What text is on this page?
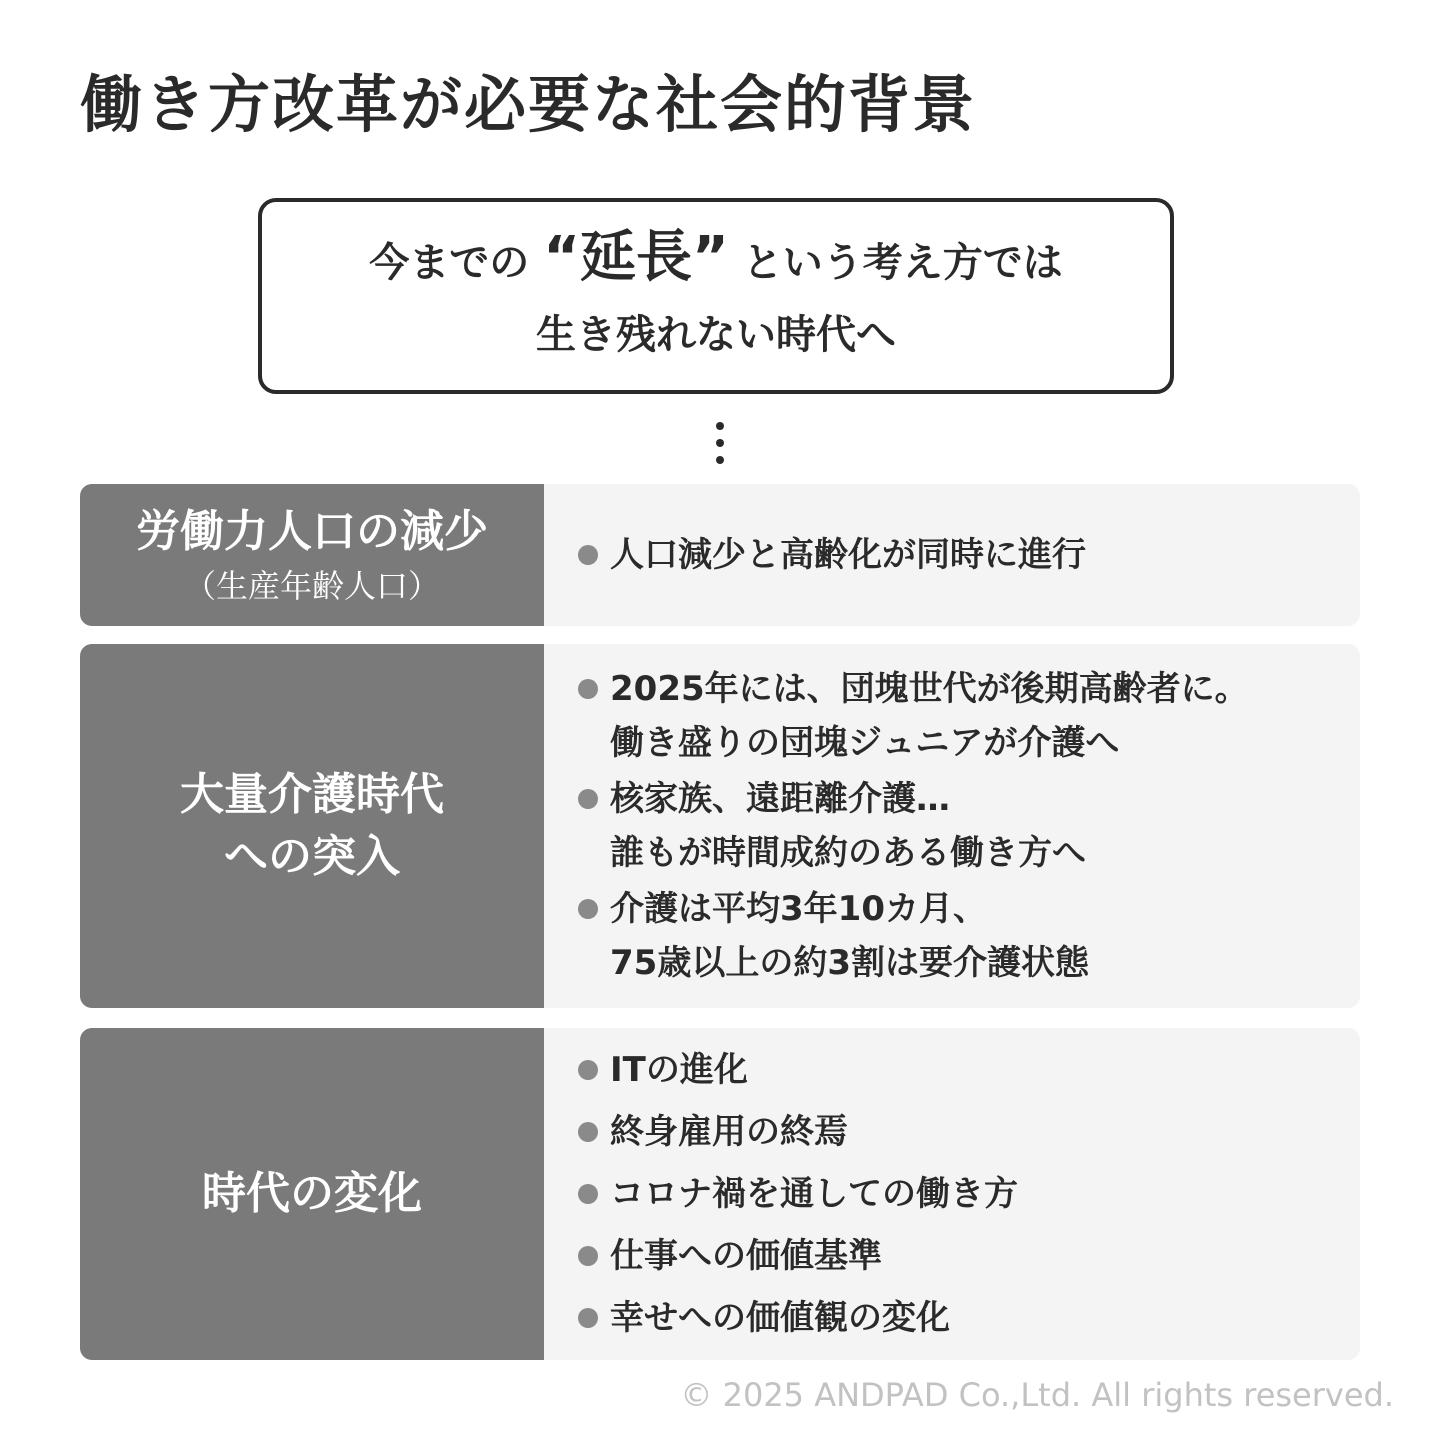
働き方改革が必要な社会的背景
今までの “延長” という考え方では
生き残れない時代へ
労働力人口の減少
（生産年齢人口）
人口減少と高齢化が同時に進行
大量介護時代
への突入
2025年には、団塊世代が後期高齢者に。
働き盛りの団塊ジュニアが介護へ
核家族、遠距離介護…
誰もが時間成約のある働き方へ
介護は平均3年10カ月、
75歳以上の約3割は要介護状態
時代の変化
ITの進化
終身雇用の終焉
コロナ禍を通しての働き方
仕事への価値基準
幸せへの価値観の変化
© 2025 ANDPAD Co.,Ltd. All rights reserved.
